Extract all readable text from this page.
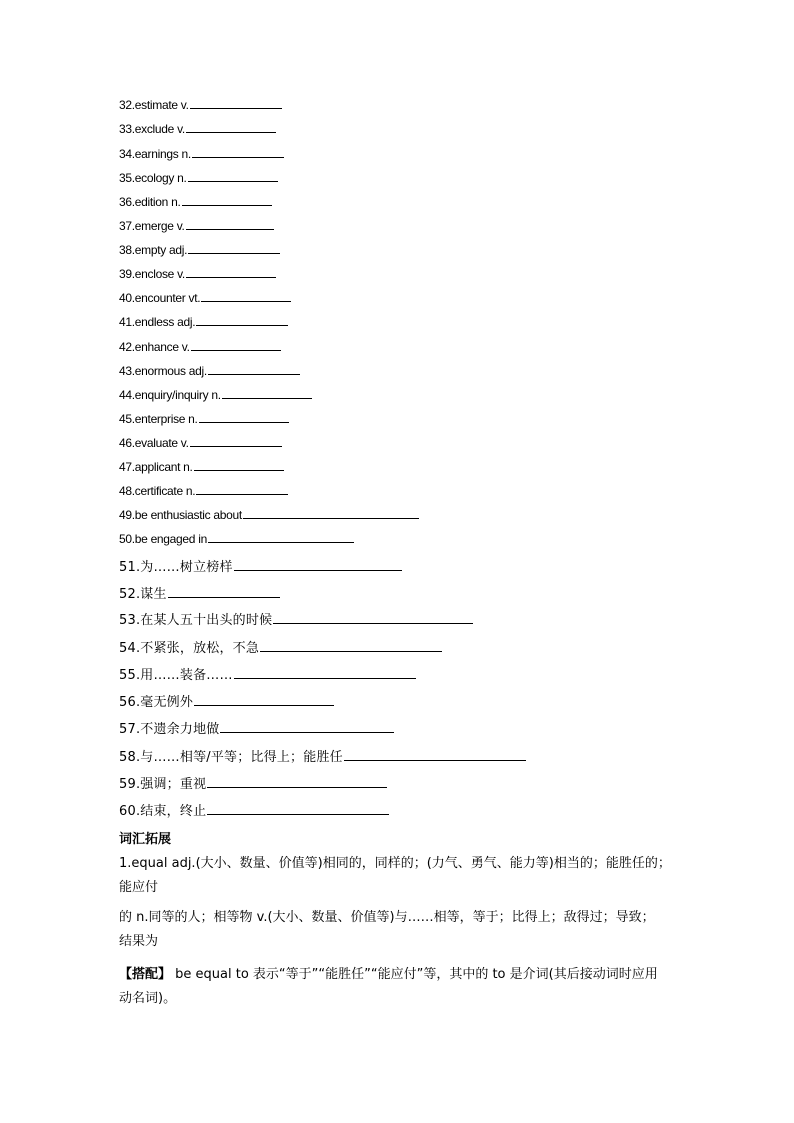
32.estimate v.
33.exclude v.
34.earnings n.
35.ecology n.
36.edition n.
37.emerge v.
38.empty adj.
39.enclose v.
40.encounter vt.
41.endless adj.
42.enhance v.
43.enormous adj.
44.enquiry/inquiry n.
45.enterprise n.
46.evaluate v.
47.applicant n.
48.certificate n.
49.be enthusiastic about
50.be engaged in
51.为……树立榜样
52.谋生
53.在某人五十出头的时候
54.不紧张，放松，不急
55.用……装备……
56.毫无例外
57.不遗余力地做
58.与……相等/平等；比得上；能胜任
59.强调；重视
60.结束，终止
词汇拓展
1.equal adj.(大小、数量、价值等)相同的，同样的；(力气、勇气、能力等)相当的；能胜任的；
能应付
的 n.同等的人；相等物 v.(大小、数量、价值等)与……相等，等于；比得上；敌得过；导致；
结果为
【搭配】 be equal to 表示“等于”“能胜任”“能应付”等，其中的 to 是介词(其后接动词时应用
动名词)。
